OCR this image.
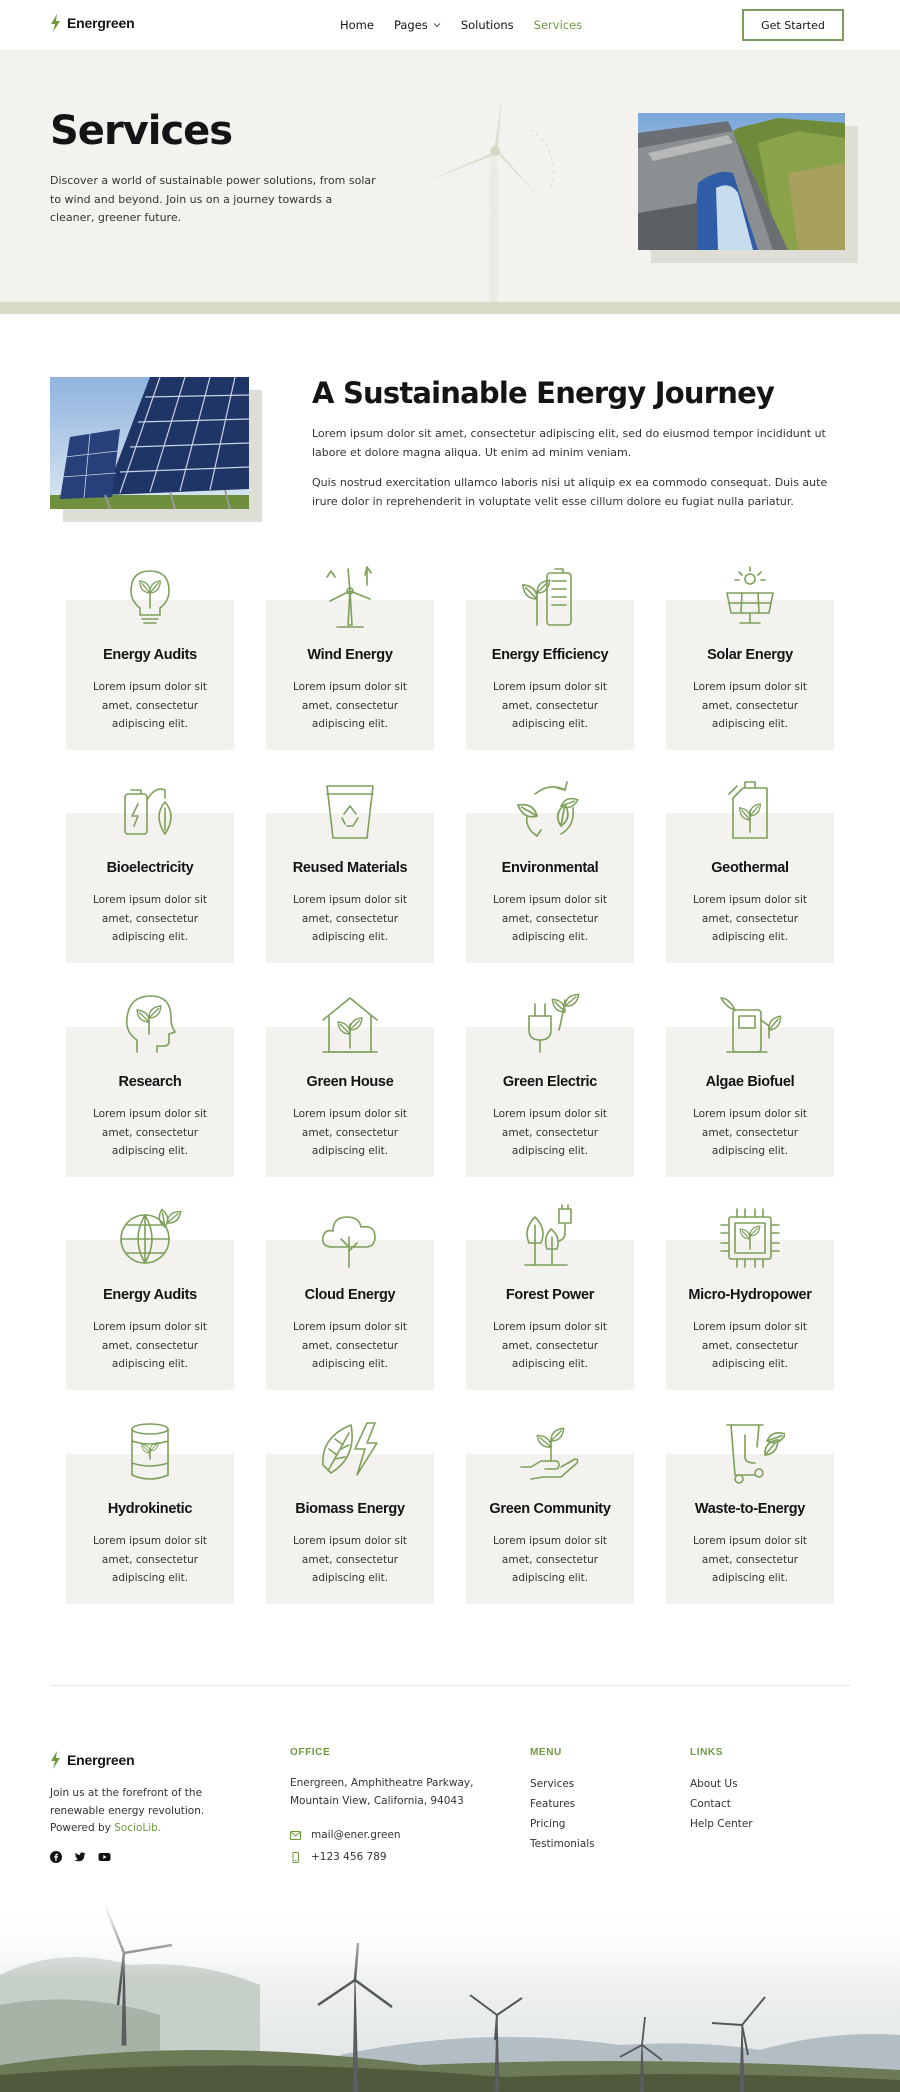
Energreen	Home Pages	Solutions Services	Get Started
Services

Discover a world of sustainable power solutions, from solar to wind and beyond. Join us on a journey towards a cleaner, greener future.

A Sustainable Energy Journey

Lorem ipsum dolor sit amet, consectetur adipiscing elit, sed do eiusmod tempor incididunt ut labore et dolore magna aliqua. Ut enim ad minim veniam.

Quis nostrud exercitation ullamco laboris nisi ut aliquip ex ea commodo consequat. Duis aute irure dolor in reprehenderit in voluptate velit esse cillum dolore eu fugiat nulla pariatur.

Energy Audits

Lorem ipsum dolor sit amet, consectetur adipiscing elit.

Wind Energy

Lorem ipsum dolor sit amet, consectetur adipiscing elit.

Energy Efficiency

Lorem ipsum dolor sit amet, consectetur adipiscing elit.

Solar Energy

Lorem ipsum dolor sit amet, consectetur adipiscing elit.

Bioelectricity

Lorem ipsum dolor sit amet, consectetur adipiscing elit.

Reused Materials

Lorem ipsum dolor sit amet, consectetur adipiscing elit.

Environmental

Lorem ipsum dolor sit amet, consectetur adipiscing elit.

Geothermal

Lorem ipsum dolor sit amet, consectetur adipiscing elit.

Research

Lorem ipsum dolor sit amet, consectetur adipiscing elit.

Green House

Lorem ipsum dolor sit amet, consectetur adipiscing elit.

Green Electric

Lorem ipsum dolor sit amet, consectetur adipiscing elit.

Algae Biofuel

Lorem ipsum dolor sit amet, consectetur adipiscing elit.

Energy Audits

Lorem ipsum dolor sit amet, consectetur adipiscing elit.

Cloud Energy

Lorem ipsum dolor sit amet, consectetur adipiscing elit.

Forest Power

Lorem ipsum dolor sit amet, consectetur adipiscing elit.

Micro-Hydropower

Lorem ipsum dolor sit amet, consectetur adipiscing elit.

Hydrokinetic

Lorem ipsum dolor sit amet, consectetur adipiscing elit.

Biomass Energy

Lorem ipsum dolor sit amet, consectetur adipiscing elit.

Green Community

Lorem ipsum dolor sit amet, consectetur adipiscing elit.

Waste-to-Energy

Lorem ipsum dolor sit amet, consectetur adipiscing elit.

Energreen
Join us at the forefront of the renewable energy revolution.
Powered by SocioLib.
OFFICE
Energreen, Amphitheatre Parkway, Mountain View, California, 94043
mail@ener.green
+123 456 789
MENU
Services
Features
Pricing
Testimonials
LINKS
About Us
Contact
Help Center
